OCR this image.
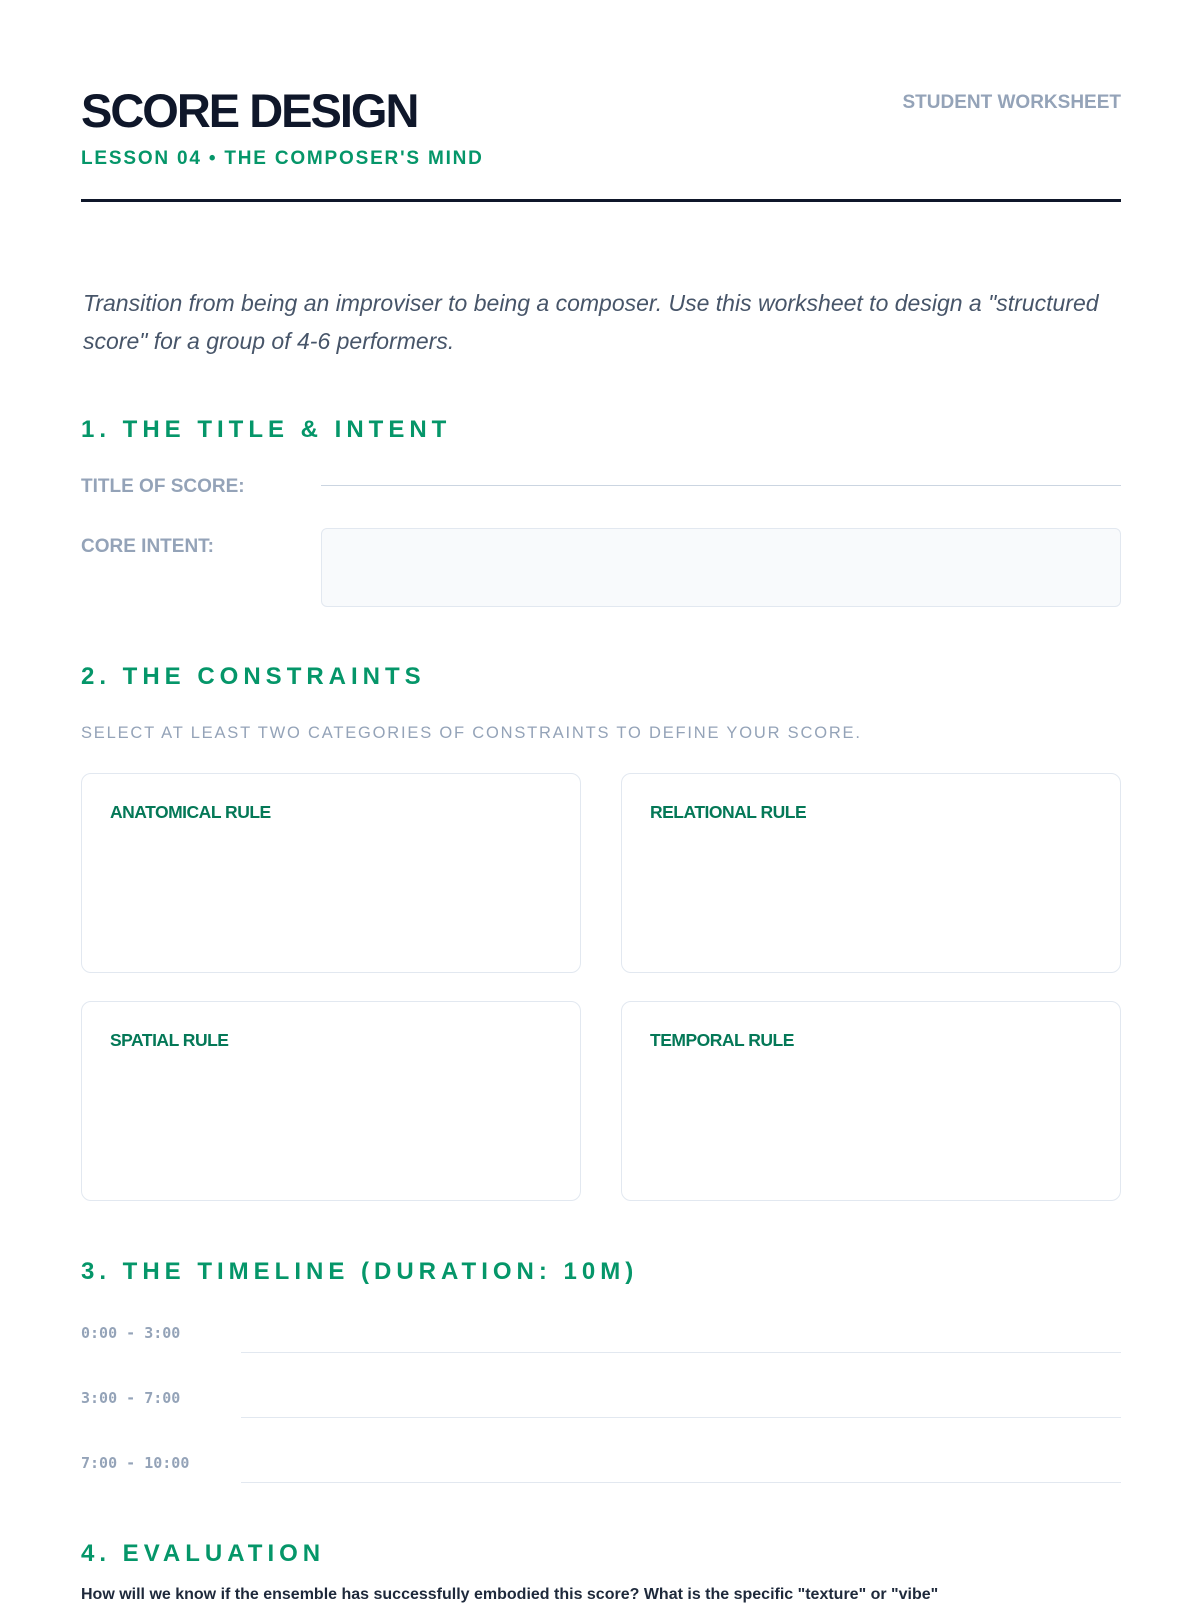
SCORE DESIGN
LESSON 04 • THE COMPOSER'S MIND
STUDENT WORKSHEET

Transition from being an improviser to being a composer. Use this worksheet to design a "structured score" for a group of 4-6 performers.

1. THE TITLE & INTENT
TITLE OF SCORE:
CORE INTENT:
2. THE CONSTRAINTS
SELECT AT LEAST TWO CATEGORIES OF CONSTRAINTS TO DEFINE YOUR SCORE.
ANATOMICAL RULE	RELATIONAL RULE
SPATIAL RULE	TEMPORAL RULE
3. THE TIMELINE (DURATION: 10M)
0:00 - 3:00
3:00 - 7:00
7:00 - 10:00
4. EVALUATION
How will we know if the ensemble has successfully embodied this score? What is the specific "texture" or "vibe"
